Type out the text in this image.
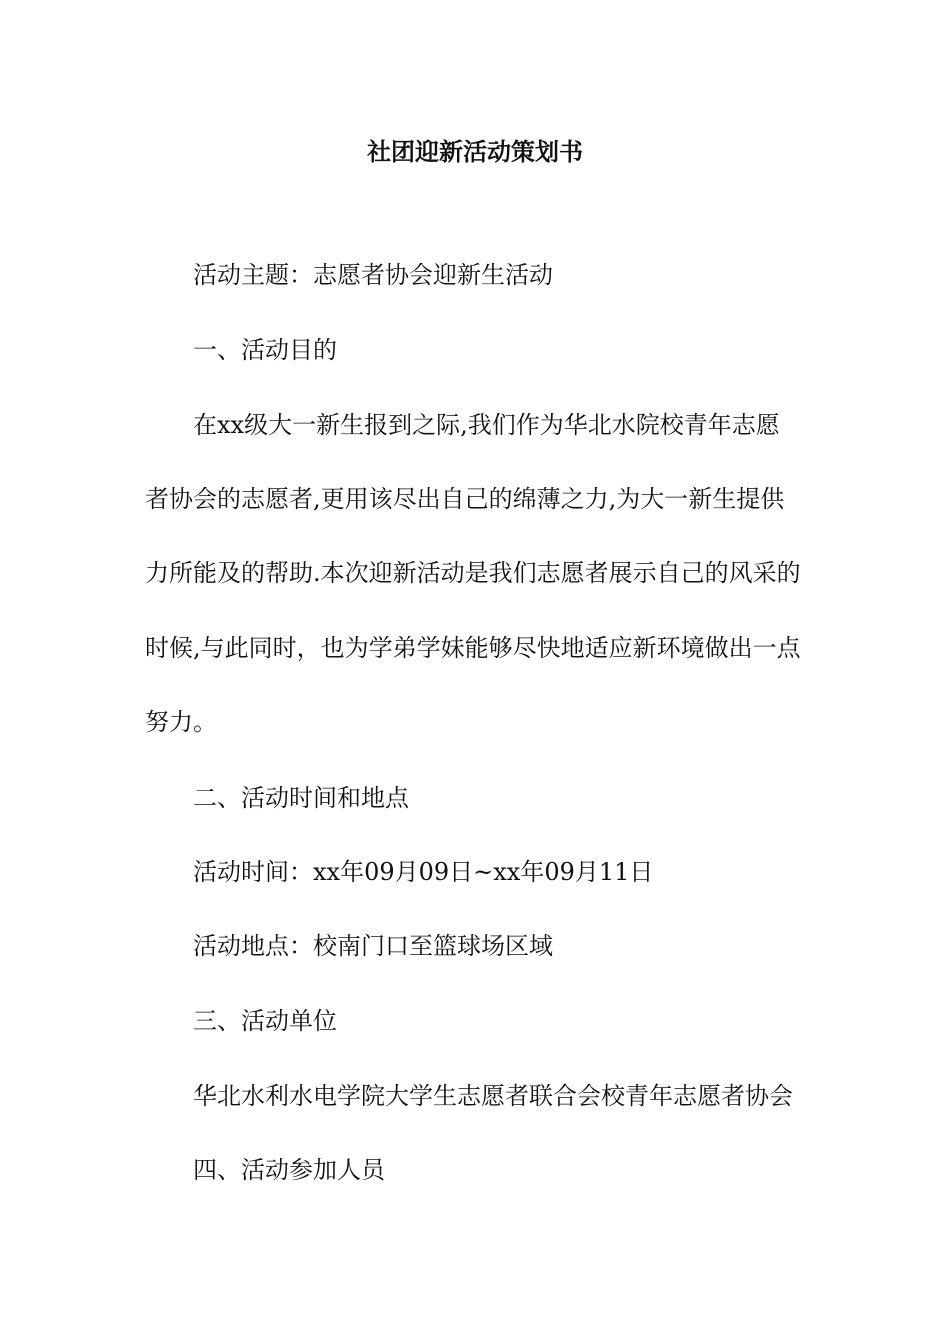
社团迎新活动策划书

活动主题：志愿者协会迎新生活动

一、活动目的

在xx级大一新生报到之际,我们作为华北水院校青年志愿

者协会的志愿者,更用该尽出自己的绵薄之力,为大一新生提供

力所能及的帮助.本次迎新活动是我们志愿者展示自己的风采的

时候,与此同时，也为学弟学妹能够尽快地适应新环境做出一点

努力。

二、活动时间和地点

活动时间：xx年09月09日~xx年09月11日

活动地点：校南门口至篮球场区域

三、活动单位

华北水利水电学院大学生志愿者联合会校青年志愿者协会

四、活动参加人员
